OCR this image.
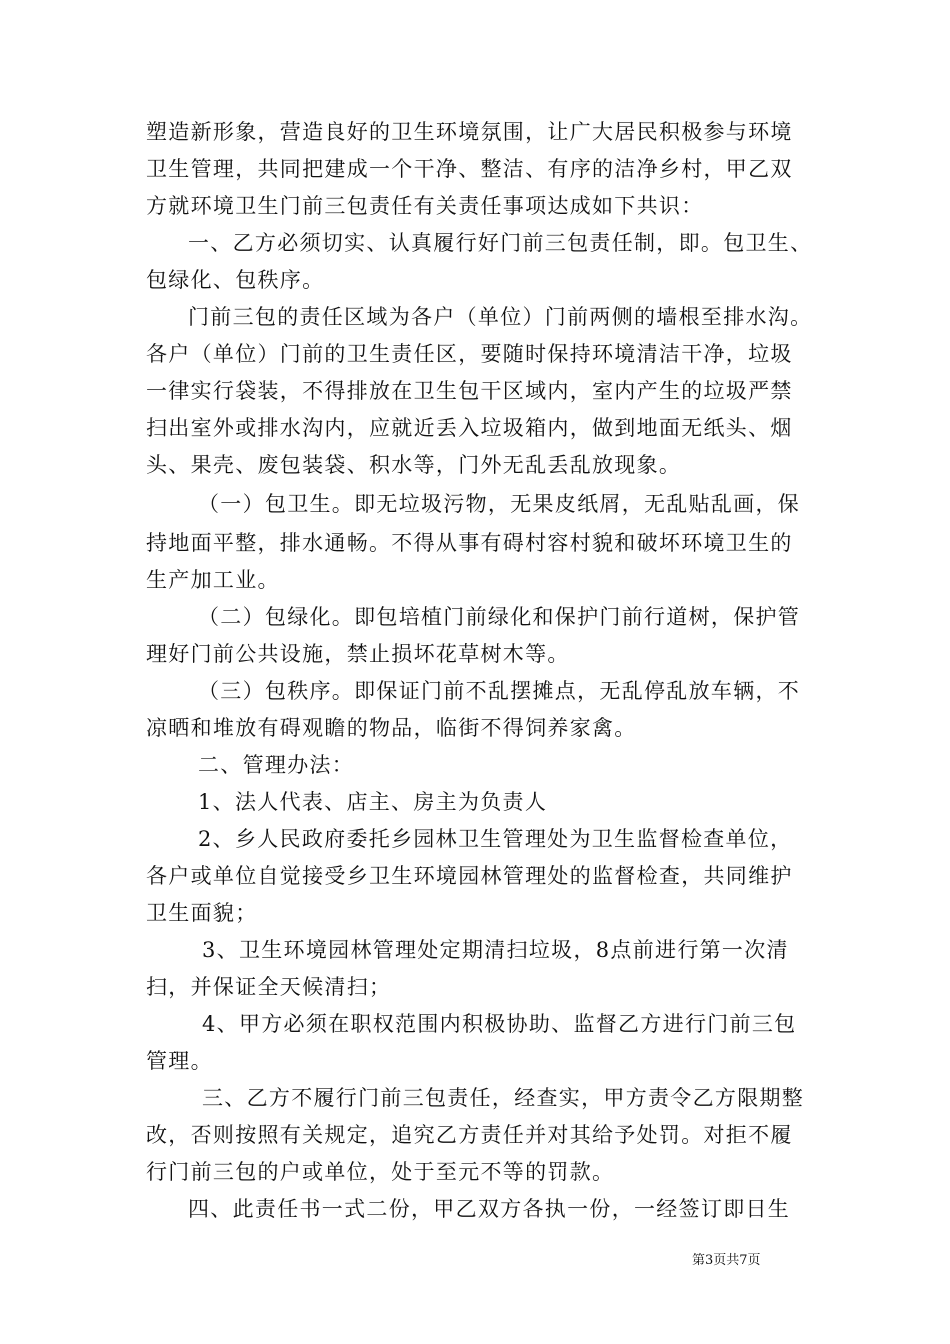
塑造新形象，营造良好的卫生环境氛围，让广大居民积极参与环境
卫生管理，共同把建成一个干净、整洁、有序的洁净乡村，甲乙双
方就环境卫生门前三包责任有关责任事项达成如下共识：
一、乙方必须切实、认真履行好门前三包责任制，即。包卫生、
包绿化、包秩序。
门前三包的责任区域为各户（单位）门前两侧的墙根至排水沟。
各户（单位）门前的卫生责任区，要随时保持环境清洁干净，垃圾
一律实行袋装，不得排放在卫生包干区域内，室内产生的垃圾严禁
扫出室外或排水沟内，应就近丢入垃圾箱内，做到地面无纸头、烟
头、果壳、废包装袋、积水等，门外无乱丢乱放现象。
（一）包卫生。即无垃圾污物，无果皮纸屑，无乱贴乱画，保
持地面平整，排水通畅。不得从事有碍村容村貌和破坏环境卫生的
生产加工业。
（二）包绿化。即包培植门前绿化和保护门前行道树，保护管
理好门前公共设施，禁止损坏花草树木等。
（三）包秩序。即保证门前不乱摆摊点，无乱停乱放车辆，不
凉晒和堆放有碍观瞻的物品，临街不得饲养家禽。
二、管理办法：
1、法人代表、店主、房主为负责人
2、乡人民政府委托乡园林卫生管理处为卫生监督检查单位，
各户或单位自觉接受乡卫生环境园林管理处的监督检查，共同维护
卫生面貌；
3、卫生环境园林管理处定期清扫垃圾，8点前进行第一次清
扫，并保证全天候清扫；
4、甲方必须在职权范围内积极协助、监督乙方进行门前三包
管理。
三、乙方不履行门前三包责任，经查实，甲方责令乙方限期整
改，否则按照有关规定，追究乙方责任并对其给予处罚。对拒不履
行门前三包的户或单位，处于至元不等的罚款。
四、此责任书一式二份，甲乙双方各执一份，一经签订即日生
第3页共7页
